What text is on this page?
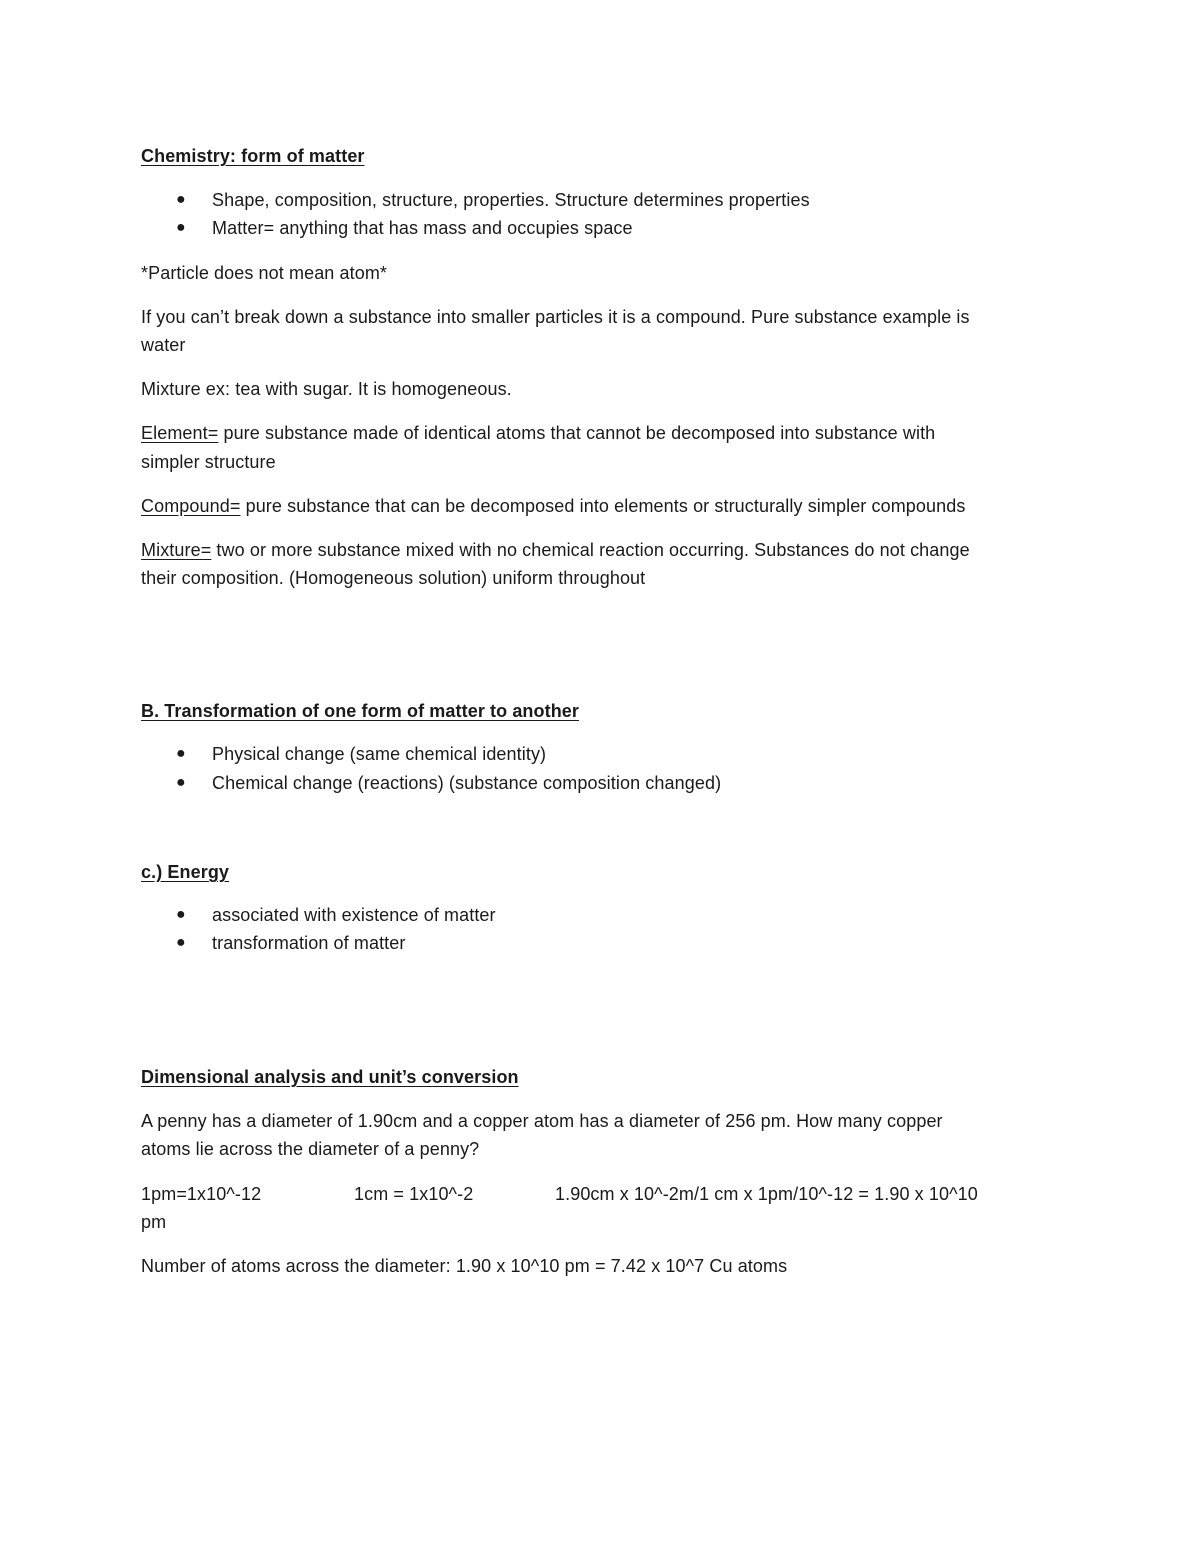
Chemistry: form of matter
● Shape, composition, structure, properties. Structure determines properties
● Matter= anything that has mass and occupies space
*Particle does not mean atom*
If you can’t break down a substance into smaller particles it is a compound. Pure substance example is
water
Mixture ex: tea with sugar. It is homogeneous.
Element= pure substance made of identical atoms that cannot be decomposed into substance with
simpler structure
Compound= pure substance that can be decomposed into elements or structurally simpler compounds
Mixture= two or more substance mixed with no chemical reaction occurring. Substances do not change
their composition. (Homogeneous solution) uniform throughout
B. Transformation of one form of matter to another
● Physical change (same chemical identity)
● Chemical change (reactions) (substance composition changed)
c.) Energy
● associated with existence of matter
● transformation of matter
Dimensional analysis and unit’s conversion
A penny has a diameter of 1.90cm and a copper atom has a diameter of 256 pm. How many copper
atoms lie across the diameter of a penny?
1pm=1x10^-12	1cm = 1x10^-2	1.90cm x 10^-2m/1 cm x 1pm/10^-12 = 1.90 x 10^10
pm
Number of atoms across the diameter: 1.90 x 10^10 pm = 7.42 x 10^7 Cu atoms
